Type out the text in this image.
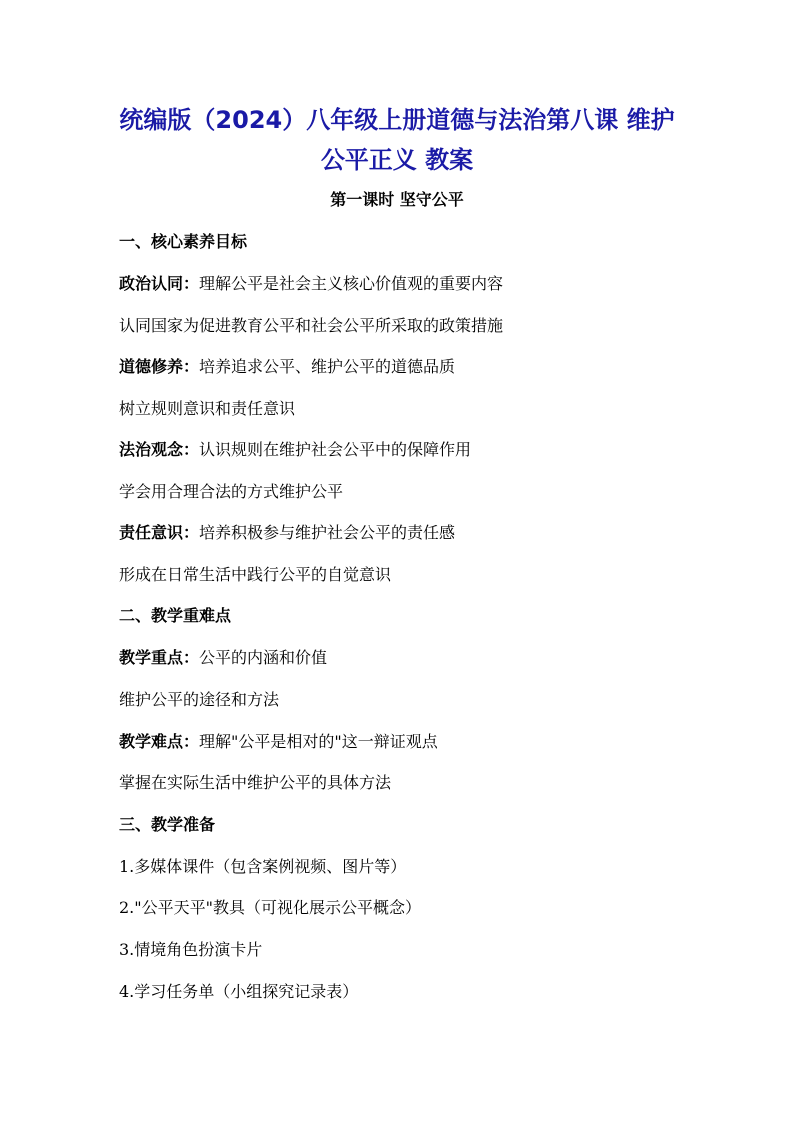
统编版（2024）八年级上册道德与法治第八课 维护
公平正义 教案
第一课时 坚守公平
一、核心素养目标
政治认同：理解公平是社会主义核心价值观的重要内容
认同国家为促进教育公平和社会公平所采取的政策措施
道德修养：培养追求公平、维护公平的道德品质
树立规则意识和责任意识
法治观念：认识规则在维护社会公平中的保障作用
学会用合理合法的方式维护公平
责任意识：培养积极参与维护社会公平的责任感
形成在日常生活中践行公平的自觉意识
二、教学重难点
教学重点：公平的内涵和价值
维护公平的途径和方法
教学难点：理解"公平是相对的"这一辩证观点
掌握在实际生活中维护公平的具体方法
三、教学准备
1.多媒体课件（包含案例视频、图片等）
2."公平天平"教具（可视化展示公平概念）
3.情境角色扮演卡片
4.学习任务单（小组探究记录表）
